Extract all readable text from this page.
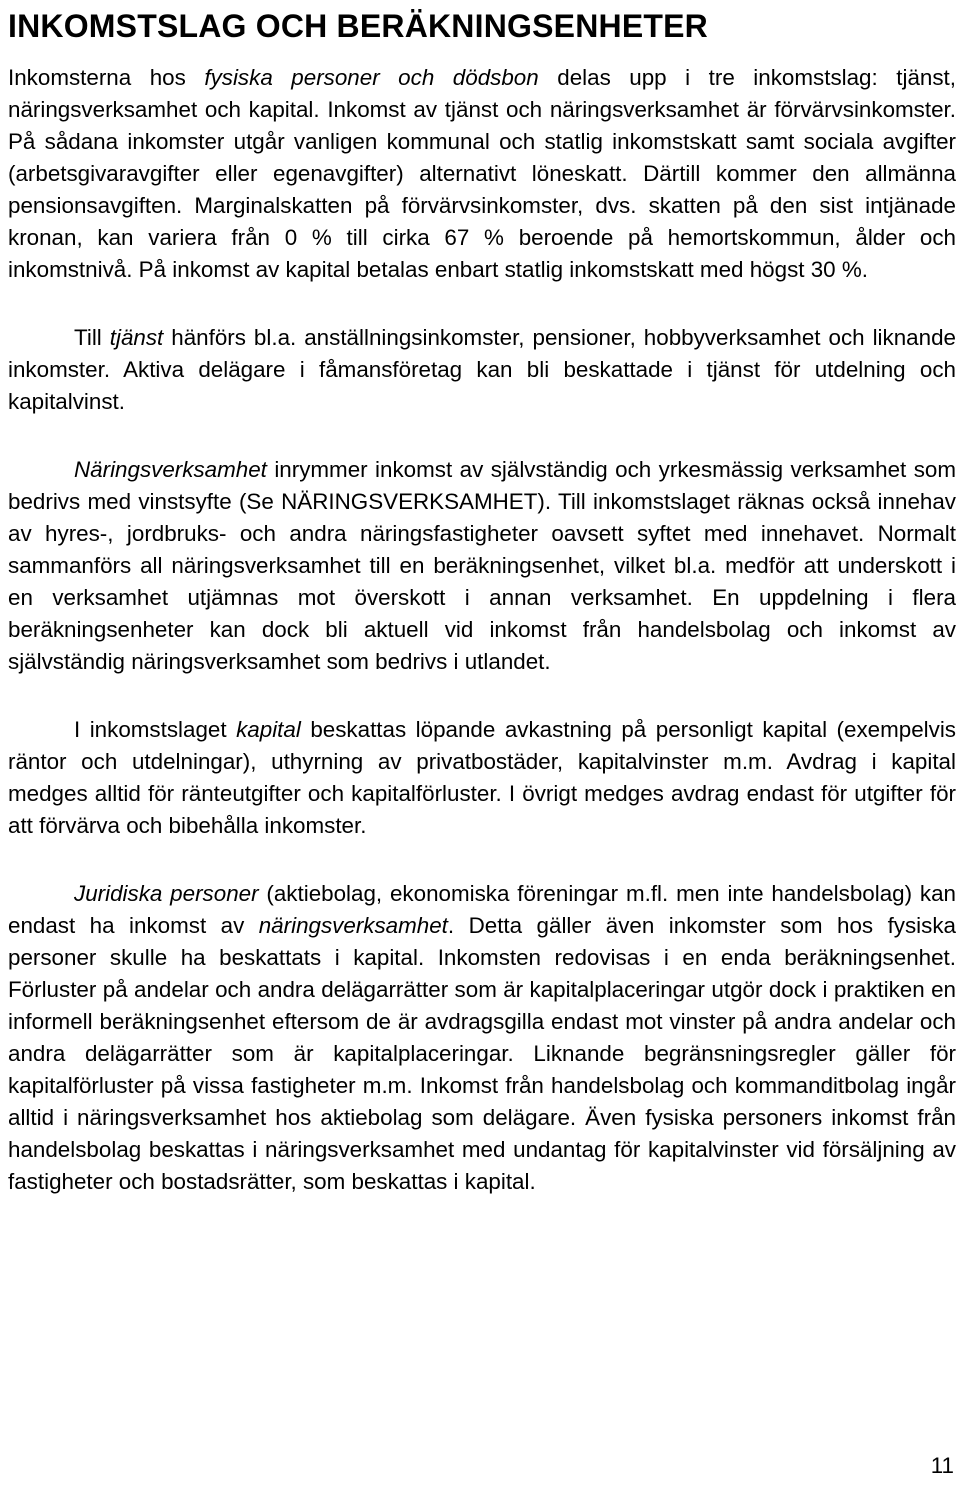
INKOMSTSLAG OCH BERÄKNINGSENHETER

Inkomsterna hos fysiska personer och dödsbon delas upp i tre inkomstslag: tjänst, näringsverksamhet och kapital. Inkomst av tjänst och näringsverksamhet är förvärvsinkomster. På sådana inkomster utgår vanligen kommunal och statlig inkomstskatt samt sociala avgifter (arbetsgivaravgifter eller egenavgifter) alternativt löneskatt. Därtill kommer den allmänna pensionsavgiften. Marginalskatten på förvärvsinkomster, dvs. skatten på den sist intjänade kronan, kan variera från 0 % till cirka 67 % beroende på hemortskommun, ålder och inkomstnivå. På inkomst av kapital betalas enbart statlig inkomstskatt med högst 30 %.

Till tjänst hänförs bl.a. anställningsinkomster, pensioner, hobbyverksamhet och liknande inkomster. Aktiva delägare i fåmansföretag kan bli beskattade i tjänst för utdelning och kapitalvinst.

Näringsverksamhet inrymmer inkomst av självständig och yrkesmässig verksamhet som bedrivs med vinstsyfte (Se NÄRINGSVERKSAMHET). Till inkomstslaget räknas också innehav av hyres-, jordbruks- och andra näringsfastigheter oavsett syftet med innehavet. Normalt sammanförs all näringsverksamhet till en beräkningsenhet, vilket bl.a. medför att underskott i en verksamhet utjämnas mot överskott i annan verksamhet. En uppdelning i flera beräkningsenheter kan dock bli aktuell vid inkomst från handelsbolag och inkomst av självständig näringsverksamhet som bedrivs i utlandet.

I inkomstslaget kapital beskattas löpande avkastning på personligt kapital (exempelvis räntor och utdelningar), uthyrning av privatbostäder, kapitalvinster m.m. Avdrag i kapital medges alltid för ränteutgifter och kapitalförluster. I övrigt medges avdrag endast för utgifter för att förvärva och bibehålla inkomster.

Juridiska personer (aktiebolag, ekonomiska föreningar m.fl. men inte handelsbolag) kan endast ha inkomst av näringsverksamhet. Detta gäller även inkomster som hos fysiska personer skulle ha beskattats i kapital. Inkomsten redovisas i en enda beräkningsenhet. Förluster på andelar och andra delägarrätter som är kapitalplaceringar utgör dock i praktiken en informell beräkningsenhet eftersom de är avdragsgilla endast mot vinster på andra andelar och andra delägarrätter som är kapitalplaceringar. Liknande begränsningsregler gäller för kapitalförluster på vissa fastigheter m.m. Inkomst från handelsbolag och kommanditbolag ingår alltid i näringsverksamhet hos aktiebolag som delägare. Även fysiska personers inkomst från handelsbolag beskattas i näringsverksamhet med undantag för kapitalvinster vid försäljning av fastigheter och bostadsrätter, som beskattas i kapital.

11
